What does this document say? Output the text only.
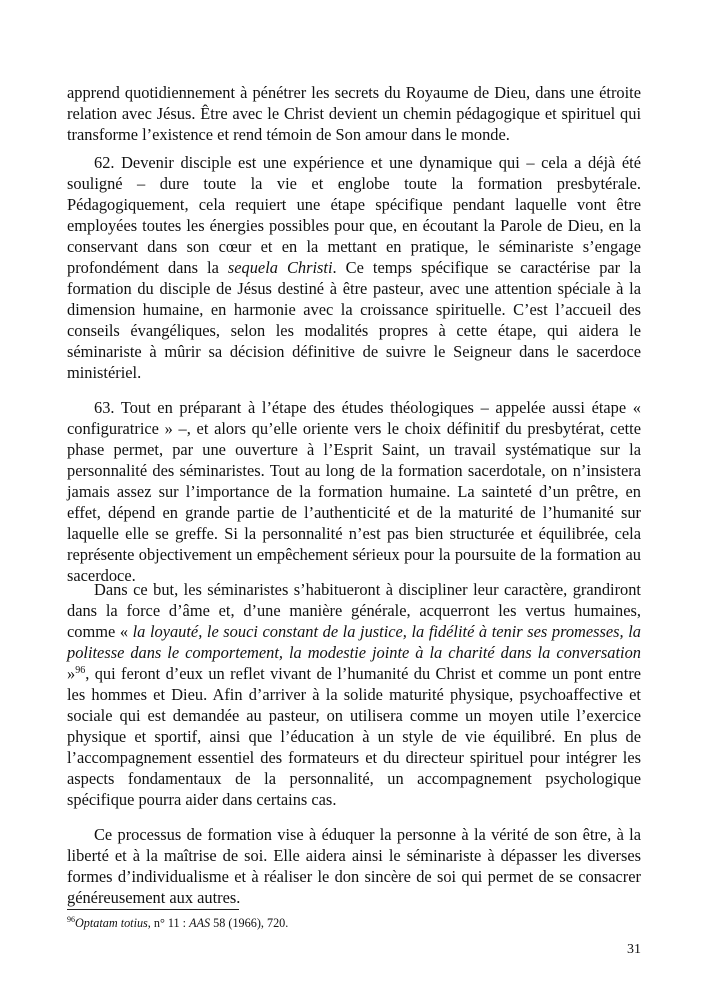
apprend quotidiennement à pénétrer les secrets du Royaume de Dieu, dans une étroite relation avec Jésus. Être avec le Christ devient un chemin pédagogique et spirituel qui transforme l’existence et rend témoin de Son amour dans le monde.

62. Devenir disciple est une expérience et une dynamique qui – cela a déjà été souligné – dure toute la vie et englobe toute la formation presbytérale. Pédagogiquement, cela requiert une étape spécifique pendant laquelle vont être employées toutes les énergies possibles pour que, en écoutant la Parole de Dieu, en la conservant dans son cœur et en la mettant en pratique, le séminariste s’engage profondément dans la sequela Christi. Ce temps spécifique se caractérise par la formation du disciple de Jésus destiné à être pasteur, avec une attention spéciale à la dimension humaine, en harmonie avec la croissance spirituelle. C’est l’accueil des conseils évangéliques, selon les modalités propres à cette étape, qui aidera le séminariste à mûrir sa décision définitive de suivre le Seigneur dans le sacerdoce ministériel.

63. Tout en préparant à l’étape des études théologiques – appelée aussi étape « configuratrice » –, et alors qu’elle oriente vers le choix définitif du presbytérat, cette phase permet, par une ouverture à l’Esprit Saint, un travail systématique sur la personnalité des séminaristes. Tout au long de la formation sacerdotale, on n’insistera jamais assez sur l’importance de la formation humaine. La sainteté d’un prêtre, en effet, dépend en grande partie de l’authenticité et de la maturité de l’humanité sur laquelle elle se greffe. Si la personnalité n’est pas bien structurée et équilibrée, cela représente objectivement un empêchement sérieux pour la poursuite de la formation au sacerdoce.

Dans ce but, les séminaristes s’habitueront à discipliner leur caractère, grandiront dans la force d’âme et, d’une manière générale, acquerront les vertus humaines, comme « la loyauté, le souci constant de la justice, la fidélité à tenir ses promesses, la politesse dans le comportement, la modestie jointe à la charité dans la conversation »$^{96}$, qui feront d’eux un reflet vivant de l’humanité du Christ et comme un pont entre les hommes et Dieu. Afin d’arriver à la solide maturité physique, psychoaffective et sociale qui est demandée au pasteur, on utilisera comme un moyen utile l’exercice physique et sportif, ainsi que l’éducation à un style de vie équilibré. En plus de l’accompagnement essentiel des formateurs et du directeur spirituel pour intégrer les aspects fondamentaux de la personnalité, un accompagnement psychologique spécifique pourra aider dans certains cas.

Ce processus de formation vise à éduquer la personne à la vérité de son être, à la liberté et à la maîtrise de soi. Elle aidera ainsi le séminariste à dépasser les diverses formes d’individualisme et à réaliser le don sincère de soi qui permet de se consacrer généreusement aux autres.

$^{96}$Optatam totius, n° 11 : AAS 58 (1966), 720.
31
